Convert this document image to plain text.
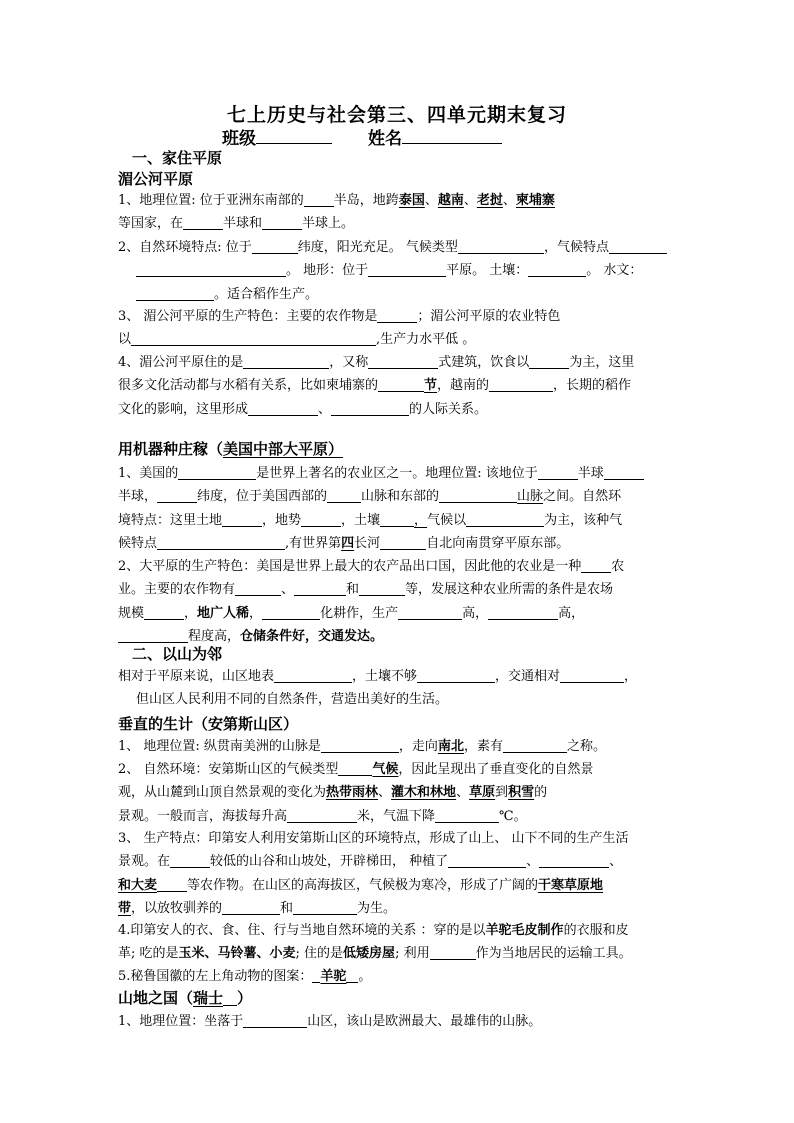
七上历史与社会第三、四单元期末复习
班级	姓名
一、家住平原
湄公河平原
1、地理位置: 位于亚洲东南部的 半岛，地跨泰国、越南、老挝、柬埔寨
等国家，在	半球和	半球上。
2、自然环境特点: 位于	纬度，阳光充足。 气候类型	，气候特点
。 地形：位于	平原。 土壤：	。 水文：
。适合稻作生产。
3、 湄公河平原的生产特色：主要的农作物是	；湄公河平原的农业特色
以	,生产力水平低 。
4、湄公河平原住的是	，又称	式建筑，饮食以	为主，这里
很多文化活动都与水稻有关系，比如柬埔寨的	节，越南的	，长期的稻作
文化的影响，这里形成	、	的人际关系。
用机器种庄稼（美国中部大平原）
1、美国的	是世界上著名的农业区之一。地理位置: 该地位于	半球
半球，	纬度，位于美国西部的	山脉和东部的	山脉之间。自然环
境特点：这里土地	，地势	，土壤	，气候以	为主，该种气
候特点	,有世界第四长河	自北向南贯穿平原东部。
2、大平原的生产特色：美国是世界上最大的农产品出口国，因此他的农业是一种 农
业。主要的农作物有	、	和	等，发展这种农业所需的条件是农场
规模	，地广人稀，	化耕作，生产	高，	高，
程度高，仓储条件好，交通发达。
二、以山为邻
相对于平原来说，山区地表	，土壤不够	，交通相对	，
但山区人民利用不同的自然条件，营造出美好的生活。
垂直的生计（安第斯山区）
1、 地理位置: 纵贯南美洲的山脉是	，走向南北，素有	之称。
2、 自然环境：安第斯山区的气候类型	气候，因此呈现出了垂直变化的自然景
观，从山麓到山顶自然景观的变化为热带雨林、灌木和林地、草原到积雪的
景观。一般而言，海拔每升高	米，气温下降	℃。
3、 生产特点：印第安人利用安第斯山区的环境特点，形成了山上、 山下不同的生产生活
景观。在	较低的山谷和山坡处，开辟梯田， 种植了	、	、
和大麦 等农作物。在山区的高海拔区，气候极为寒冷，形成了广阔的干寒草原地
带，以放牧驯养的	和	为生。
4.印第安人的衣、食、住、行与当地自然环境的关系 ：穿的是以羊驼毛皮制作的衣服和皮
革; 吃的是玉米、马铃薯、小麦; 住的是低矮房屋; 利用	作为当地居民的运输工具。
5.秘鲁国徽的左上角动物的图案： 羊驼 。
山地之国（瑞士 ）
1、地理位置：坐落于	山区，该山是欧洲最大、最雄伟的山脉。
